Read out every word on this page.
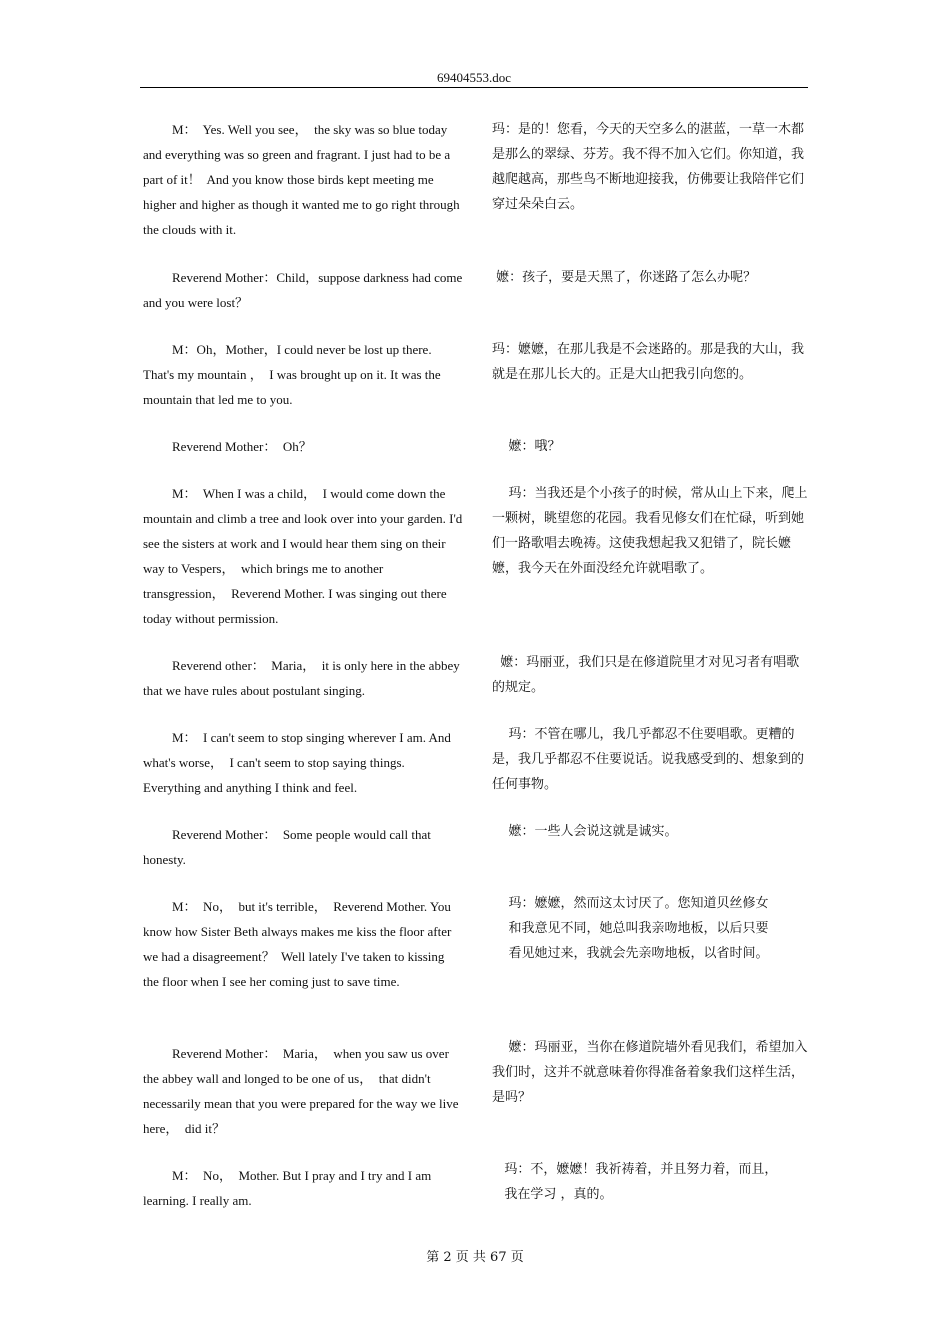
69404553.doc
M：  Yes. Well you see，  the sky was so blue today and everything was so green and fragrant. I just had to be a part of it！  And you know those birds kept meeting me higher and higher as though it wanted me to go right through the clouds with it.
Reverend Mother：Child，suppose darkness had come and you were lost？
M：Oh，Mother，I could never be lost up there. That's my mountain ，  I was brought up on it. It was the mountain that led me to you.
Reverend Mother：  Oh？
M：  When I was a child，  I would come down the mountain and climb a tree and look over into your garden. I'd see the sisters at work and I would hear them sing on their way to Vespers，  which brings me to another transgression，  Reverend Mother. I was singing out there today without permission.
Reverend other：  Maria，  it is only here in the abbey that we have rules about postulant singing.
M：  I can't seem to stop singing wherever I am. And what's worse，  I can't seem to stop saying things. Everything and anything I think and feel.
Reverend Mother：  Some people would call that honesty.
M：  No，  but it's terrible，  Reverend Mother. You know how Sister Beth always makes me kiss the floor after we had a disagreement？  Well lately I've taken to kissing the floor when I see her coming just to save time.
Reverend Mother：  Maria，  when you saw us over the abbey wall and longed to be one of us，  that didn't necessarily mean that you were prepared for the way we live here，  did it？
M：  No，  Mother. But I pray and I try and I am learning. I really am.
玛：是的！您看，今天的天空多么的湛蓝，一草一木都是那么的翠绿、芬芳。我不得不加入它们。你知道，我越爬越高，那些鸟不断地迎接我，仿佛要让我陪伴它们穿过朵朵白云。
嬷：孩子，要是天黑了，你迷路了怎么办呢？
玛：嬷嬷，在那儿我是不会迷路的。那是我的大山，我就是在那儿长大的。正是大山把我引向您的。
嬷：哦？
玛：当我还是个小孩子的时候，常从山上下来，爬上一颗树，眺望您的花园。我看见修女们在忙碌，听到她们一路歌唱去晚祷。这使我想起我又犯错了，院长嬷嬷，我今天在外面没经允许就唱歌了。
嬷：玛丽亚，我们只是在修道院里才对见习者有唱歌的规定。
玛：不管在哪儿，我几乎都忍不住要唱歌。更糟的是，我几乎都忍不住要说话。说我感受到的、想象到的任何事物。
嬷：一些人会说这就是诚实。
玛：嬷嬷，然而这太讨厌了。您知道贝丝修女
和我意见不同，她总叫我亲吻地板，以后只要
看见她过来，我就会先亲吻地板，以省时间。
嬷：玛丽亚，当你在修道院墙外看见我们，希望加入我们时，这并不就意味着你得准备着象我们这样生活，是吗？
玛：不，嬷嬷！我祈祷着，并且努力着，而且，
我在学习 ，真的。
第 2 页 共 67 页
